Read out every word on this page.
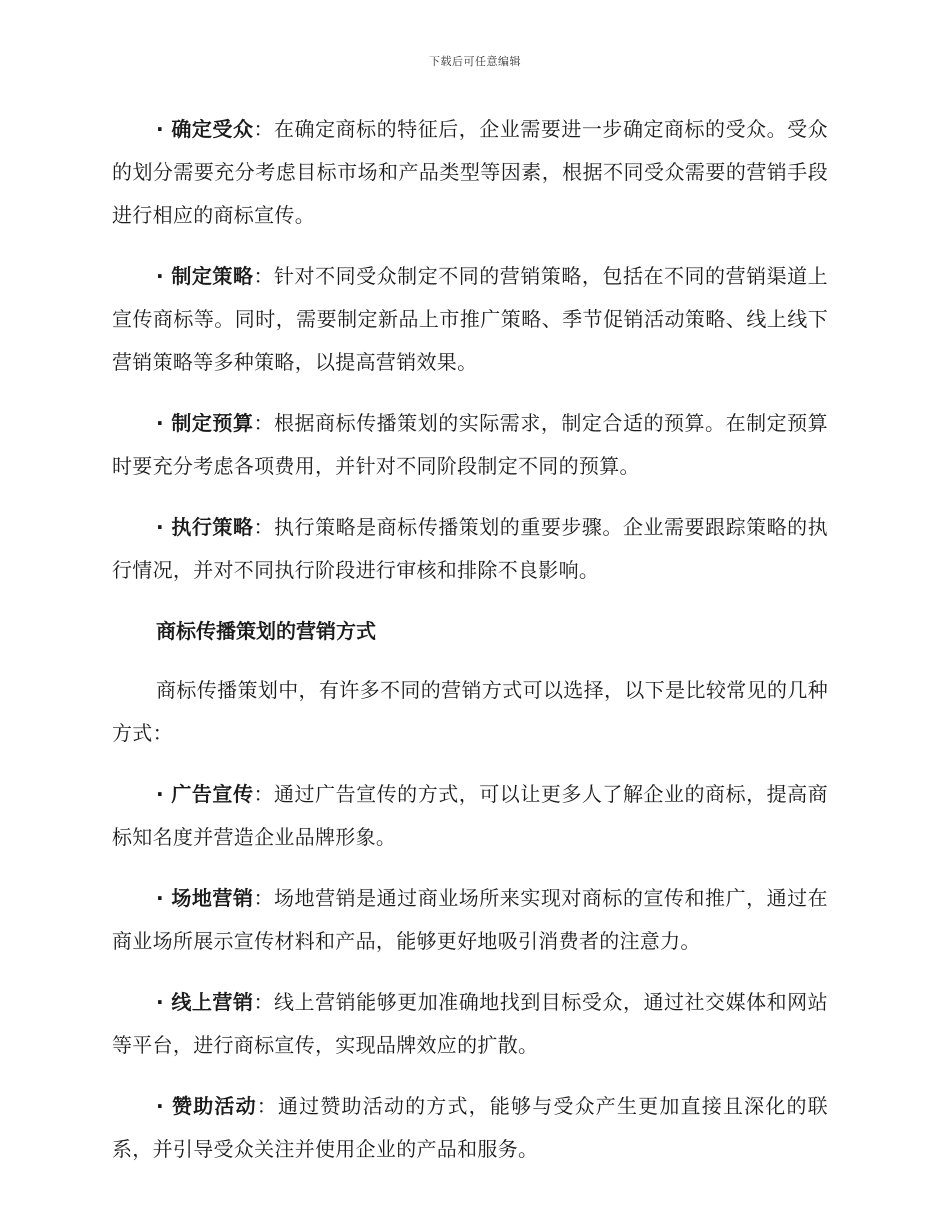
下载后可任意编辑

· 确定受众：在确定商标的特征后，企业需要进一步确定商标的受众。受众的划分需要充分考虑目标市场和产品类型等因素，根据不同受众需要的营销手段进行相应的商标宣传。

· 制定策略：针对不同受众制定不同的营销策略，包括在不同的营销渠道上宣传商标等。同时，需要制定新品上市推广策略、季节促销活动策略、线上线下营销策略等多种策略，以提高营销效果。

· 制定预算：根据商标传播策划的实际需求，制定合适的预算。在制定预算时要充分考虑各项费用，并针对不同阶段制定不同的预算。

· 执行策略：执行策略是商标传播策划的重要步骤。企业需要跟踪策略的执行情况，并对不同执行阶段进行审核和排除不良影响。

商标传播策划的营销方式

商标传播策划中，有许多不同的营销方式可以选择，以下是比较常见的几种方式：

· 广告宣传：通过广告宣传的方式，可以让更多人了解企业的商标，提高商标知名度并营造企业品牌形象。

· 场地营销：场地营销是通过商业场所来实现对商标的宣传和推广，通过在商业场所展示宣传材料和产品，能够更好地吸引消费者的注意力。

· 线上营销：线上营销能够更加准确地找到目标受众，通过社交媒体和网站等平台，进行商标宣传，实现品牌效应的扩散。

· 赞助活动：通过赞助活动的方式，能够与受众产生更加直接且深化的联系，并引导受众关注并使用企业的产品和服务。
